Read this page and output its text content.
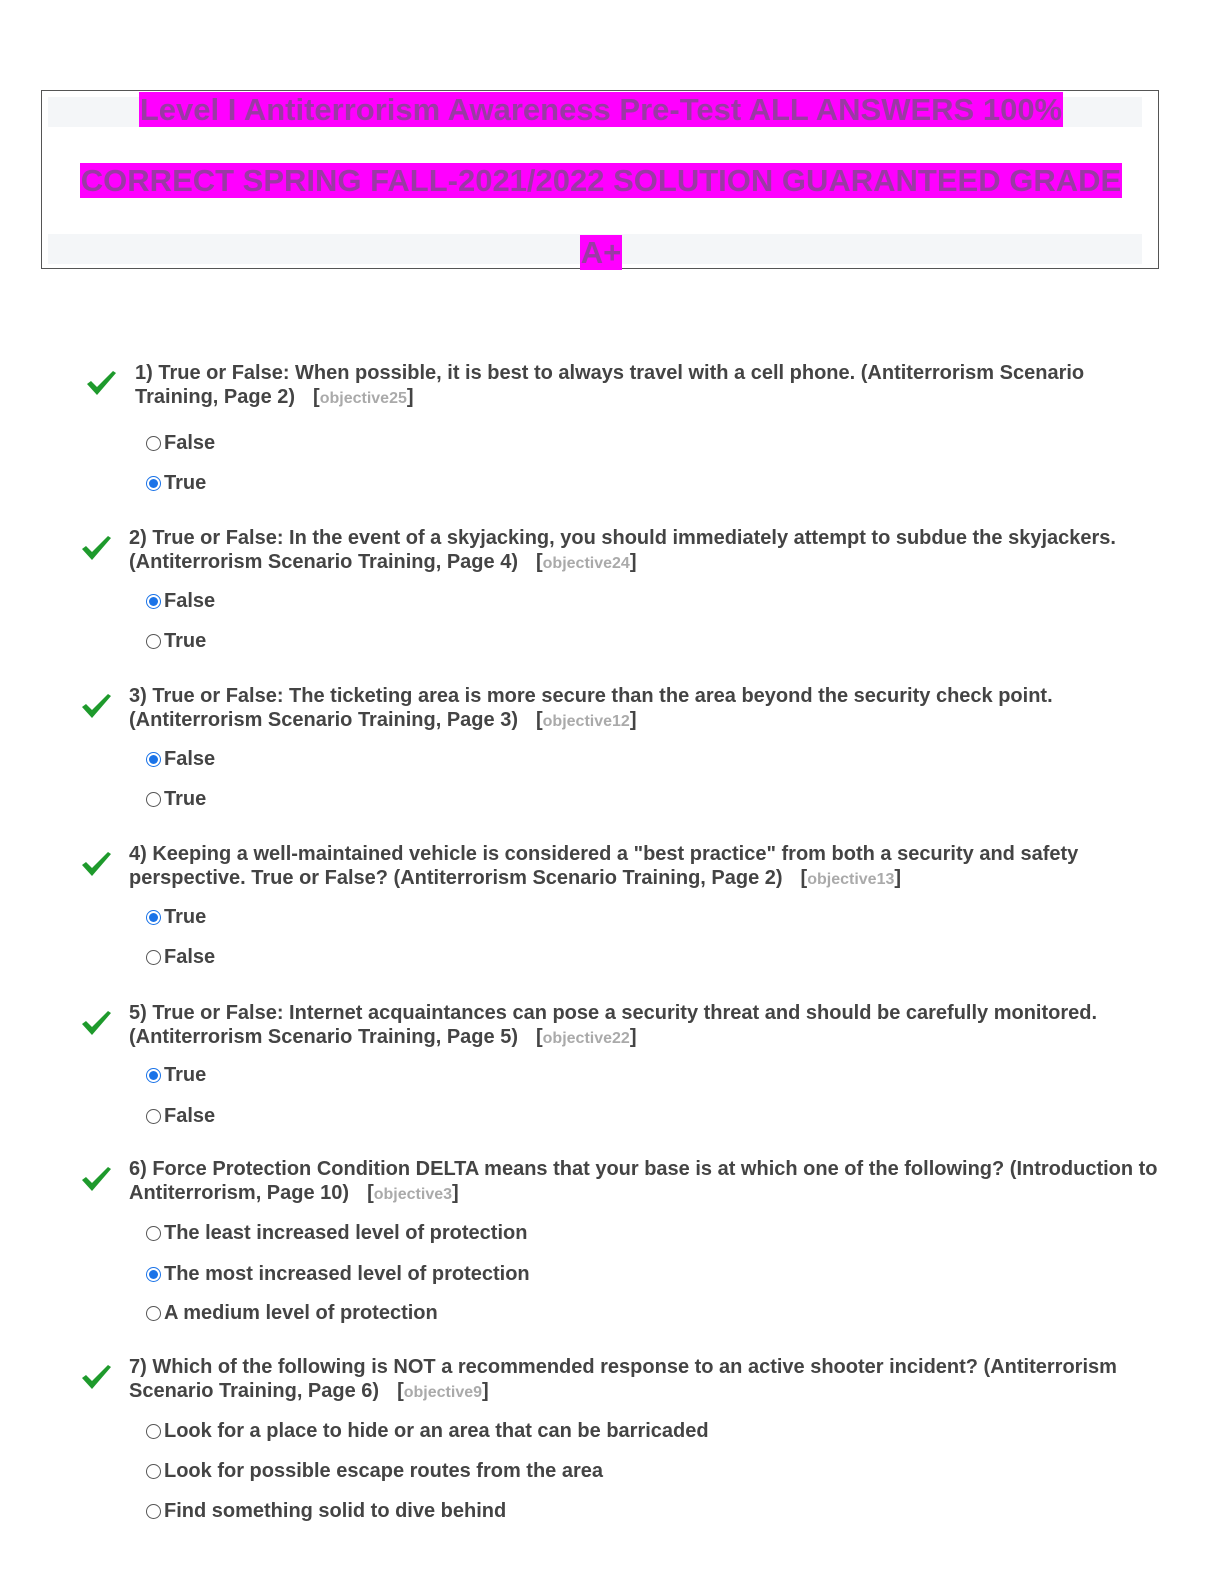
Level I Antiterrorism Awareness Pre-Test ALL ANSWERS 100%
CORRECT SPRING FALL-2021/2022 SOLUTION GUARANTEED GRADE
A+
1) True or False: When possible, it is best to always travel with a cell phone. (Antiterrorism Scenario Training, Page 2) [objective25]
False
True
2) True or False: In the event of a skyjacking, you should immediately attempt to subdue the skyjackers. (Antiterrorism Scenario Training, Page 4) [objective24]
False
True
3) True or False: The ticketing area is more secure than the area beyond the security check point. (Antiterrorism Scenario Training, Page 3) [objective12]
False
True
4) Keeping a well-maintained vehicle is considered a "best practice" from both a security and safety perspective. True or False? (Antiterrorism Scenario Training, Page 2) [objective13]
True
False
5) True or False: Internet acquaintances can pose a security threat and should be carefully monitored. (Antiterrorism Scenario Training, Page 5) [objective22]
True
False
6) Force Protection Condition DELTA means that your base is at which one of the following? (Introduction to Antiterrorism, Page 10) [objective3]
The least increased level of protection
The most increased level of protection
A medium level of protection
7) Which of the following is NOT a recommended response to an active shooter incident? (Antiterrorism Scenario Training, Page 6) [objective9]
Look for a place to hide or an area that can be barricaded
Look for possible escape routes from the area
Find something solid to dive behind
